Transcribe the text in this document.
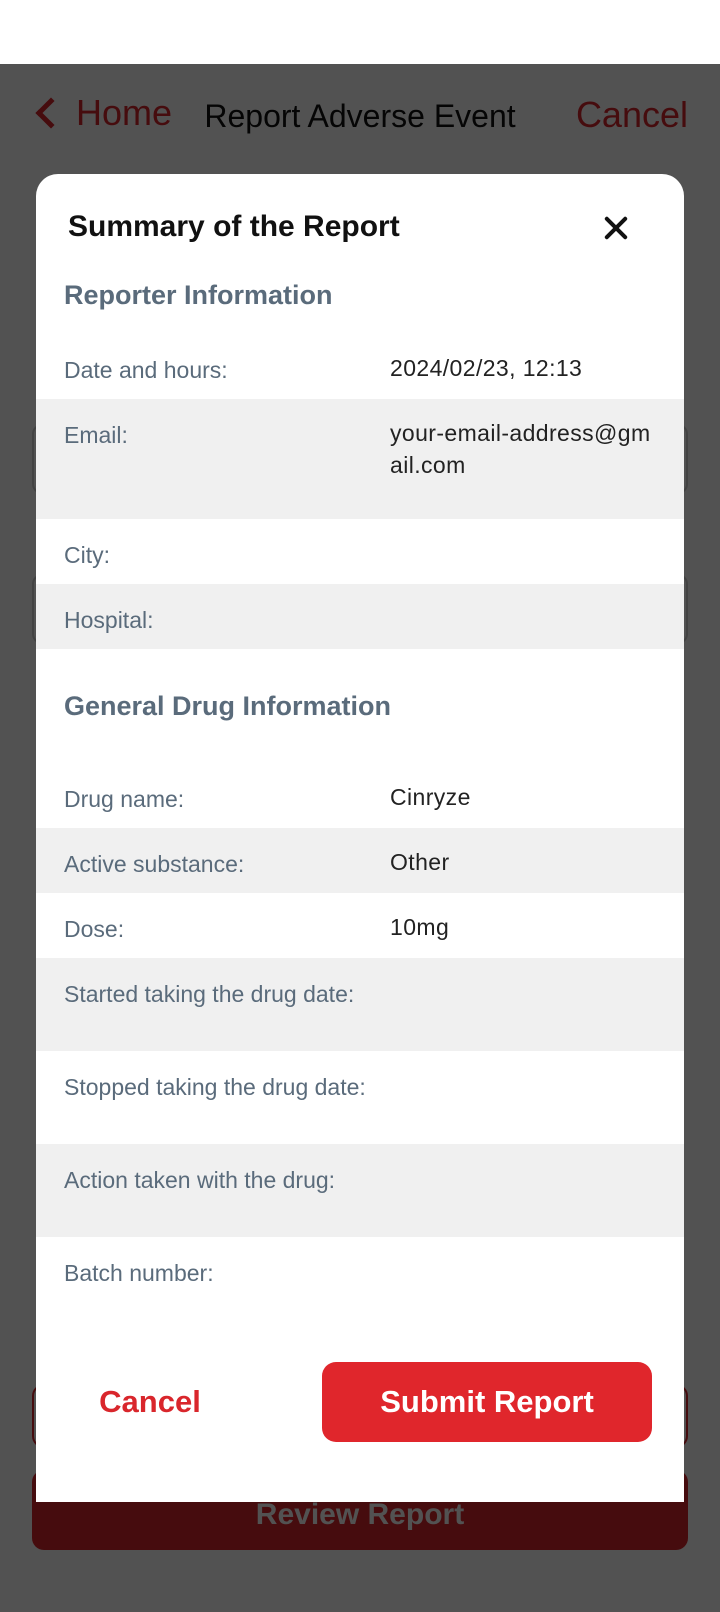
Summary of the Report
Reporter Information
Date and hours:	2024/02/23, 12:13
Email:	your-email-address@gmail.com
City:
Hospital:
General Drug Information
Drug name:	Cinryze
Active substance:	Other
Dose:	10mg
Started taking the drug date:
Stopped taking the drug date:
Action taken with the drug:
Batch number:
Cancel	Submit Report
